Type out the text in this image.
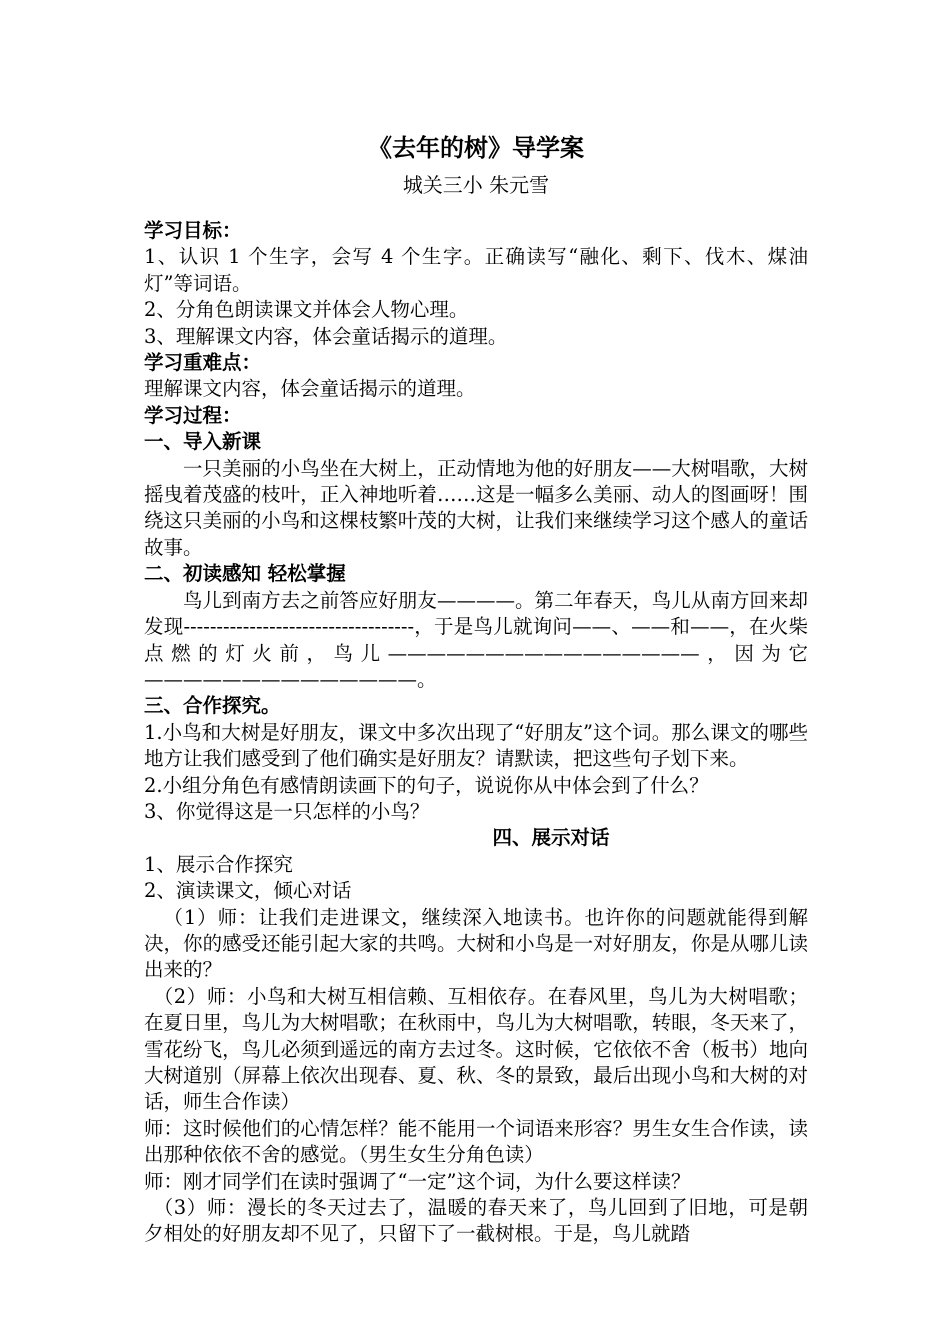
《去年的树》导学案
城关三小 朱元雪

学习目标：

1、认识 1 个生字，会写 4 个生字。正确读写“融化、剩下、伐木、煤油灯”等词语。

2、分角色朗读课文并体会人物心理。

3、理解课文内容，体会童话揭示的道理。

学习重难点：

理解课文内容，体会童话揭示的道理。

学习过程：

一、导入新课

一只美丽的小鸟坐在大树上，正动情地为他的好朋友——大树唱歌，大树摇曳着茂盛的枝叶，正入神地听着……这是一幅多么美丽、动人的图画呀！围绕这只美丽的小鸟和这棵枝繁叶茂的大树，让我们来继续学习这个感人的童话故事。

二、初读感知 轻松掌握

鸟儿到南方去之前答应好朋友————。第二年春天，鸟儿从南方回来却发现-----------------------------------，于是鸟儿就询问——、——和——，在火柴点燃的灯火前，鸟儿————————————————，因为它——————————————。

三、合作探究。

1.小鸟和大树是好朋友，课文中多次出现了“好朋友”这个词。那么课文的哪些地方让我们感受到了他们确实是好朋友？请默读，把这些句子划下来。

2.小组分角色有感情朗读画下的句子，说说你从中体会到了什么？

3、你觉得这是一只怎样的小鸟？

四、展示对话

1、展示合作探究

2、演读课文，倾心对话

（1）师：让我们走进课文，继续深入地读书。也许你的问题就能得到解决，你的感受还能引起大家的共鸣。大树和小鸟是一对好朋友，你是从哪儿读出来的？

（2）师：小鸟和大树互相信赖、互相依存。在春风里，鸟儿为大树唱歌；在夏日里，鸟儿为大树唱歌；在秋雨中，鸟儿为大树唱歌，转眼，冬天来了，雪花纷飞，鸟儿必须到遥远的南方去过冬。这时候，它依依不舍（板书）地向大树道别（屏幕上依次出现春、夏、秋、冬的景致，最后出现小鸟和大树的对话，师生合作读）

师：这时候他们的心情怎样？能不能用一个词语来形容？男生女生合作读，读出那种依依不舍的感觉。（男生女生分角色读）

师：刚才同学们在读时强调了“一定”这个词，为什么要这样读？

（3）师：漫长的冬天过去了，温暖的春天来了，鸟儿回到了旧地，可是朝夕相处的好朋友却不见了，只留下了一截树根。于是，鸟儿就踏
